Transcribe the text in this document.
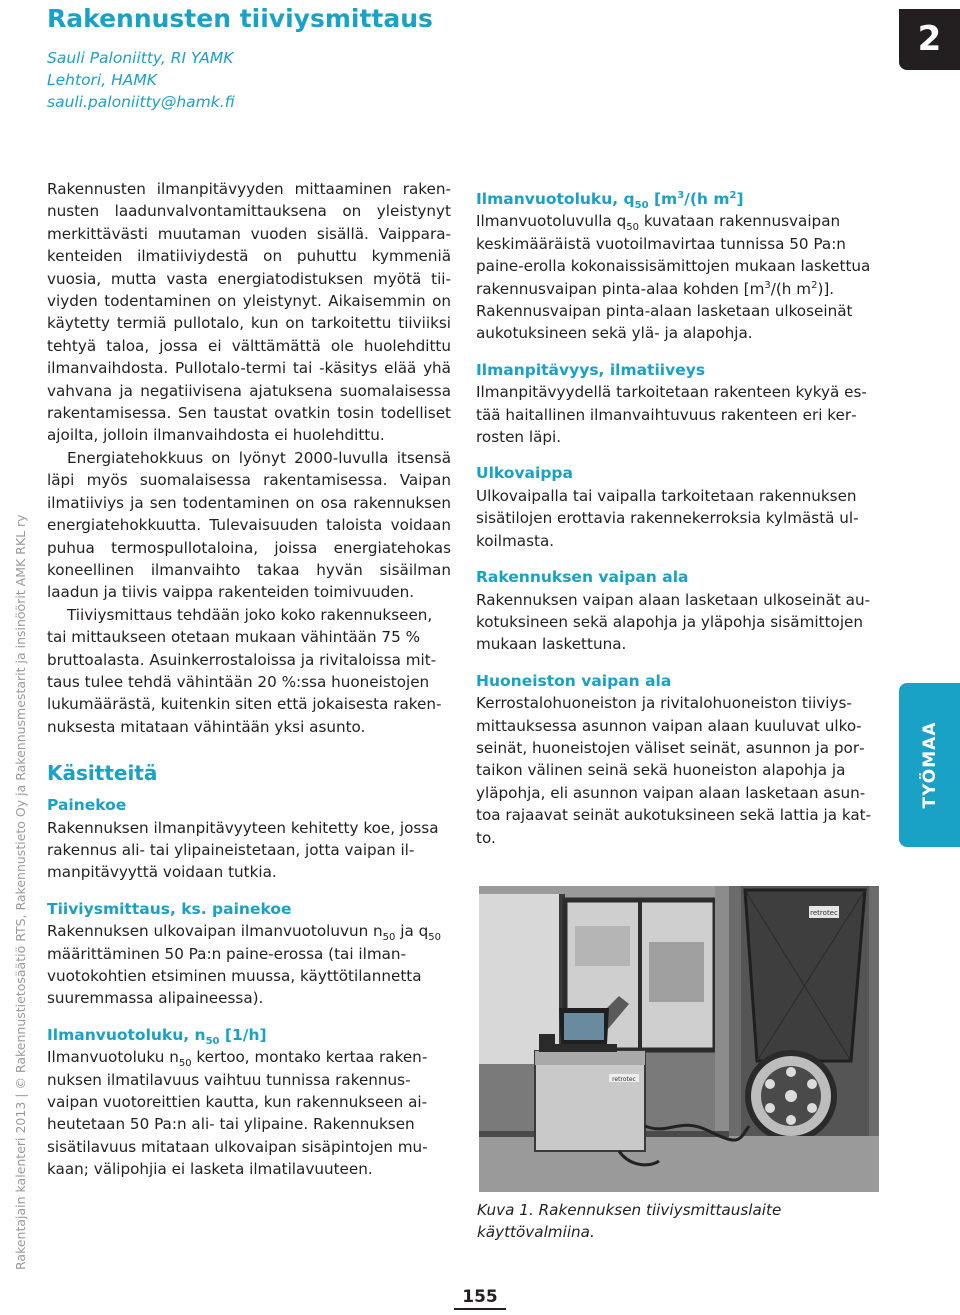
Rakennusten tiiviysmittaus
Sauli Paloniitty, RI YAMK
Lehtori, HAMK
sauli.paloniitty@hamk.fi
2
TYÖMAA
Rakentajain kalenteri 2013 | © Rakennustietosäätiö RTS, Rakennustieto Oy ja Rakennusmestarit ja insinöörit AMK RKL ry

Rakennusten ilmanpitävyyden mittaaminen rakennusten laadunvalvontamittauksena on yleistynyt merkittävästi muutaman vuoden sisällä. Vaipparakenteiden ilmatiiviydestä on puhuttu kymmeniä vuosia, mutta vasta energiatodistuksen myötä tiiviyden todentaminen on yleistynyt. Aikaisemmin on käytetty termiä pullotalo, kun on tarkoitettu tiiviiksi tehtyä taloa, jossa ei välttämättä ole huolehdittu ilmanvaihdosta. Pullotalo-termi tai -käsitys elää yhä vahvana ja negatiivisena ajatuksena suomalaisessa rakentamisessa. Sen taustat ovatkin tosin todelliset ajoilta, jolloin ilmanvaihdosta ei huolehdittu.

Energiatehokkuus on lyönyt 2000-luvulla itsensä läpi myös suomalaisessa rakentamisessa. Vaipan ilmatiiviys ja sen todentaminen on osa rakennuksen energiatehokkuutta. Tulevaisuuden taloista voidaan puhua termospullotaloina, joissa energiatehokas koneellinen ilmanvaihto takaa hyvän sisäilman laadun ja tiivis vaippa rakenteiden toimivuuden.

Tiiviysmittaus tehdään joko koko rakennukseen, tai mittaukseen otetaan mukaan vähintään 75 % bruttoalasta. Asuinkerrostaloissa ja rivitaloissa mittaus tulee tehdä vähintään 20 %:ssa huoneistojen lukumäärästä, kuitenkin siten että jokaisesta rakennuksesta mitataan vähintään yksi asunto.

Käsitteitä
Painekoe

Rakennuksen ilmanpitävyyteen kehitetty koe, jossa rakennus ali- tai ylipaineistetaan, jotta vaipan ilmanpitävyyttä voidaan tutkia.

Tiiviysmittaus, ks. painekoe

Rakennuksen ulkovaipan ilmanvuotoluvun $n_{50}$ ja $q_{50}$ määrittäminen 50 Pa:n paine-erossa (tai ilmanvuotokohtien etsiminen muussa, käyttötilannetta suuremmassa alipaineessa).

Ilmanvuotoluku, $n_{50}$ [1/h]

Ilmanvuotoluku $n_{50}$ kertoo, montako kertaa rakennuksen ilmatilavuus vaihtuu tunnissa rakennusvaipan vuotoreittien kautta, kun rakennukseen aiheutetaan 50 Pa:n ali- tai ylipaine. Rakennuksen sisätilavuus mitataan ulkovaipan sisäpintojen mukaan; välipohjia ei lasketa ilmatilavuuteen.

Ilmanvuotoluku, $q_{50}$ [$m^3/(h$ $m^2$]

Ilmanvuotoluvulla $q_{50}$ kuvataan rakennusvaipan keskimääräistä vuotoilmavirtaa tunnissa 50 Pa:n paine-erolla kokonaissisämittojen mukaan laskettua rakennusvaipan pinta-alaa kohden [$m^3/(h$ $m^2$)]. Rakennusvaipan pinta-alaan lasketaan ulkoseinät aukotuksineen sekä ylä- ja alapohja.

Ilmanpitävyys, ilmatiiveys

Ilmanpitävyydellä tarkoitetaan rakenteen kykyä estää haitallinen ilmanvaihtuvuus rakenteen eri kerrosten läpi.

Ulkovaippa

Ulkovaipalla tai vaipalla tarkoitetaan rakennuksen sisätilojen erottavia rakennekerroksia kylmästä ulkoilmasta.

Rakennuksen vaipan ala

Rakennuksen vaipan alaan lasketaan ulkoseinät aukotuksineen sekä alapohja ja yläpohja sisämittojen mukaan laskettuna.

Huoneiston vaipan ala

Kerrostalohuoneiston ja rivitalohuoneiston tiiviysmittauksessa asunnon vaipan alaan kuuluvat ulkoseinät, huoneistojen väliset seinät, asunnon ja portaikon välinen seinä sekä huoneiston alapohja ja yläpohja, eli asunnon vaipan alaan lasketaan asuntoa rajaavat seinät aukotuksineen sekä lattia ja katto.

retrotec
retrotec
Kuva 1. Rakennuksen tiiviysmittauslaite käyttövalmiina.
155
